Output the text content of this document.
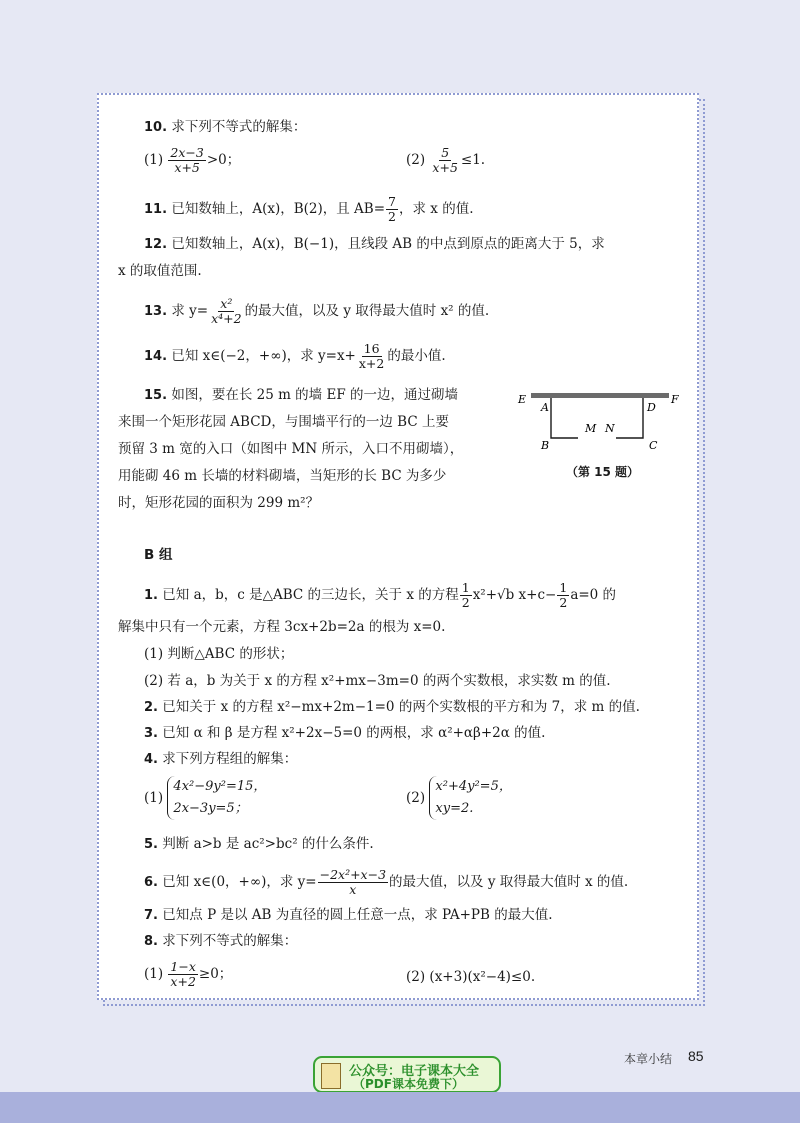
10. 求下列不等式的解集：
$(1) \frac{2x-3}{x+5} >0$；	$(2) \frac{5}{x+5} \le 1$.
11. 已知数轴上，A(x)，B(2)，且 $AB= \frac{7}{2}$ ，求 x 的值.
12. 已知数轴上，A(x)，B(−1)，且线段 AB 的中点到原点的距离大于 5，求
x 的取值范围.
13. 求 $y= \frac{\text{x²}}{\text{x⁴+2}}$ 的最大值，以及 y 取得最大值时 x² 的值.
14. 已知 x∈(−2，+∞)，求 $y=x+ \frac{16}{x+2}$ 的最小值.
15. 如图，要在长 25 m 的墙 EF 的一边，通过砌墙
来围一个矩形花园 ABCD，与围墙平行的一边 BC 上要
预留 3 m 宽的入口（如图中 MN 所示，入口不用砌墙），
用能砌 46 m 长墙的材料砌墙，当矩形的长 BC 为多少
时，矩形花园的面积为 299 m²？
E	F
A	D
B	C
M N
（第 15 题）
B 组
1. 已知 a，b，c 是△ABC 的三边长，关于 x 的方程 $\frac{1}{2} x^2+√b$ $x+c- \frac{1}{2} a=0$ 的
解集中只有一个元素，方程 3cx+2b=2a 的根为 x=0.
(1) 判断△ABC 的形状；
(2) 若 a，b 为关于 x 的方程 x²+mx−3m=0 的两个实数根，求实数 m 的值.
2. 已知关于 x 的方程 x²−mx+2m−1=0 的两个实数根的平方和为 7，求 m 的值.
3. 已知 α 和 β 是方程 x²+2x−5=0 的两根，求 α²+αβ+2α 的值.
4. 求下列方程组的解集：
(1)
4x²−9y²=15，
2x−3y=5；
(2)
x²+4y²=5，
xy=2.
5. 判断 a>b 是 ac²>bc² 的什么条件.
6. 已知 x∈(0，+∞)，求 $y= \frac{\text{−2x²+x−3}}{x}$ 的最大值，以及 y 取得最大值时 x 的值.
7. 已知点 P 是以 AB 为直径的圆上任意一点，求 PA+PB 的最大值.
8. 求下列不等式的解集：
$(1) \frac{1-x}{x+2} \ge 0$；	(2) (x+3)(x²−4)≤0.
本章小结 85
公众号：电子课本大全
（PDF课本免费下）
